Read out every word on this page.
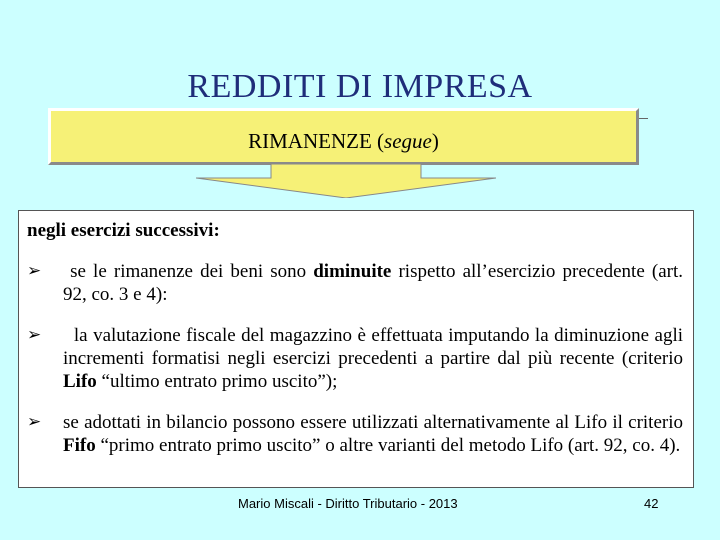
REDDITI DI IMPRESA
RIMANENZE (segue)
negli esercizi successivi:
➢	se le rimanenze dei beni sono diminuite rispetto all’esercizio precedente (art. 92, co. 3 e 4):
➢	la valutazione fiscale del magazzino è effettuata imputando la diminuzione agli incrementi formatisi negli esercizi precedenti a partire dal più recente (criterio Lifo “ultimo entrato primo uscito”);
➢	se adottati in bilancio possono essere utilizzati alternativamente al Lifo il criterio Fifo “primo entrato primo uscito” o altre varianti del metodo Lifo (art. 92, co. 4).
Mario Miscali - Diritto Tributario - 2013	42
